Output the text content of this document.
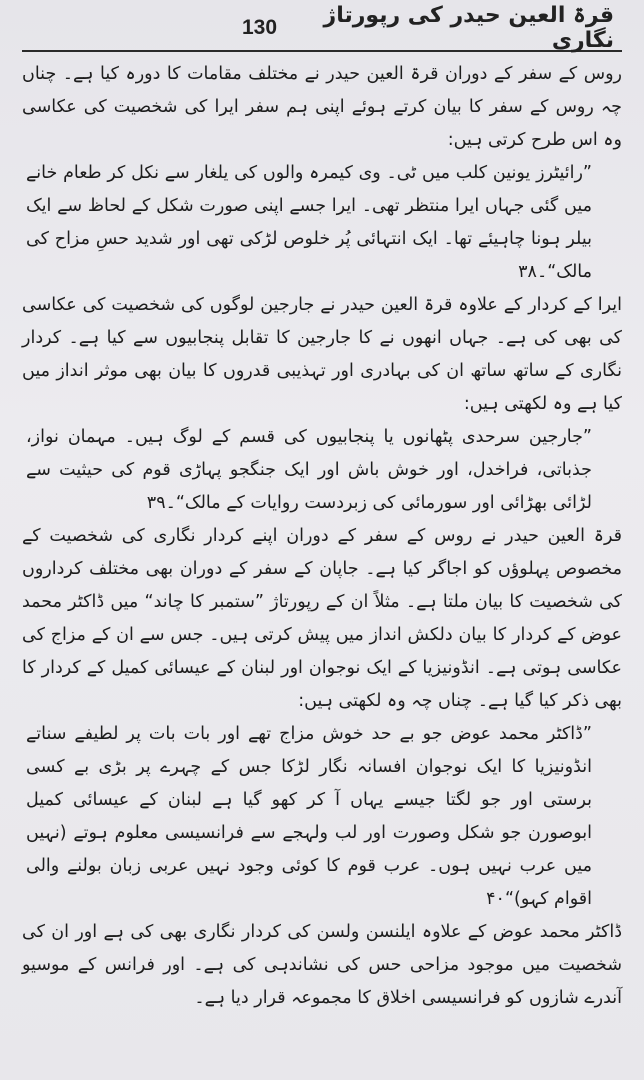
قرۃ العین حیدر کی رپورتاژ نگاری
130

روس کے سفر کے دوران قرۃ العین حیدر نے مختلف مقامات کا دورہ کیا ہے۔ چناں چہ روس کے سفر کا بیان کرتے ہوئے اپنی ہم سفر ایرا کی شخصیت کی عکاسی وہ اس طرح کرتی ہیں:

”رائیٹرز یونین کلب میں ٹی۔ وی کیمرہ والوں کی یلغار سے نکل کر طعام خانے میں گئی جہاں ایرا منتظر تھی۔ ایرا جسے اپنی صورت شکل کے لحاظ سے ایک بیلر ہونا چاہیئے تھا۔ ایک انتہائی پُر خلوص لڑکی تھی اور شدید حسِ مزاح کی مالک“۔۳۸

ایرا کے کردار کے علاوہ قرۃ العین حیدر نے جارجین لوگوں کی شخصیت کی عکاسی کی بھی کی ہے۔ جہاں انھوں نے کا جارجین کا تقابل پنجابیوں سے کیا ہے۔ کردار نگاری کے ساتھ ساتھ ان کی بہادری اور تہذیبی قدروں کا بیان بھی موثر انداز میں کیا ہے وہ لکھتی ہیں:

”جارجین سرحدی پٹھانوں یا پنجابیوں کی قسم کے لوگ ہیں۔ مہمان نواز، جذباتی، فراخدل، اور خوش باش اور ایک جنگجو پہاڑی قوم کی حیثیت سے لڑائی بھڑائی اور سورمائی کی زبردست روایات کے مالک“۔۳۹

قرۃ العین حیدر نے روس کے سفر کے دوران اپنے کردار نگاری کی شخصیت کے مخصوص پہلوؤں کو اجاگر کیا ہے۔ جاپان کے سفر کے دوران بھی مختلف کرداروں کی شخصیت کا بیان ملتا ہے۔ مثلاً ان کے رپورتاژ ”ستمبر کا چاند“ میں ڈاکٹر محمد عوض کے کردار کا بیان دلکش انداز میں پیش کرتی ہیں۔ جس سے ان کے مزاج کی عکاسی ہوتی ہے۔ انڈونیزیا کے ایک نوجوان اور لبنان کے عیسائی کمیل کے کردار کا بھی ذکر کیا گیا ہے۔ چناں چہ وہ لکھتی ہیں:

”ڈاکٹر محمد عوض جو بے حد خوش مزاج تھے اور بات بات پر لطیفے سناتے انڈونیزیا کا ایک نوجوان افسانہ نگار لڑکا جس کے چہرے پر بڑی بے کسی برستی اور جو لگتا جیسے یہاں آ کر کھو گیا ہے لبنان کے عیسائی کمیل ابوصورن جو شکل وصورت اور لب ولہجے سے فرانسیسی معلوم ہوتے (نہیں میں عرب نہیں ہوں۔ عرب قوم کا کوئی وجود نہیں عربی زبان بولنے والی اقوام کہو)“۴۰

ڈاکٹر محمد عوض کے علاوہ ایلنسن ولسن کی کردار نگاری بھی کی ہے اور ان کی شخصیت میں موجود مزاحی حس کی نشاندہی کی ہے۔ اور فرانس کے موسیو آندرے شازوں کو فرانسیسی اخلاق کا مجموعہ قرار دیا ہے۔
